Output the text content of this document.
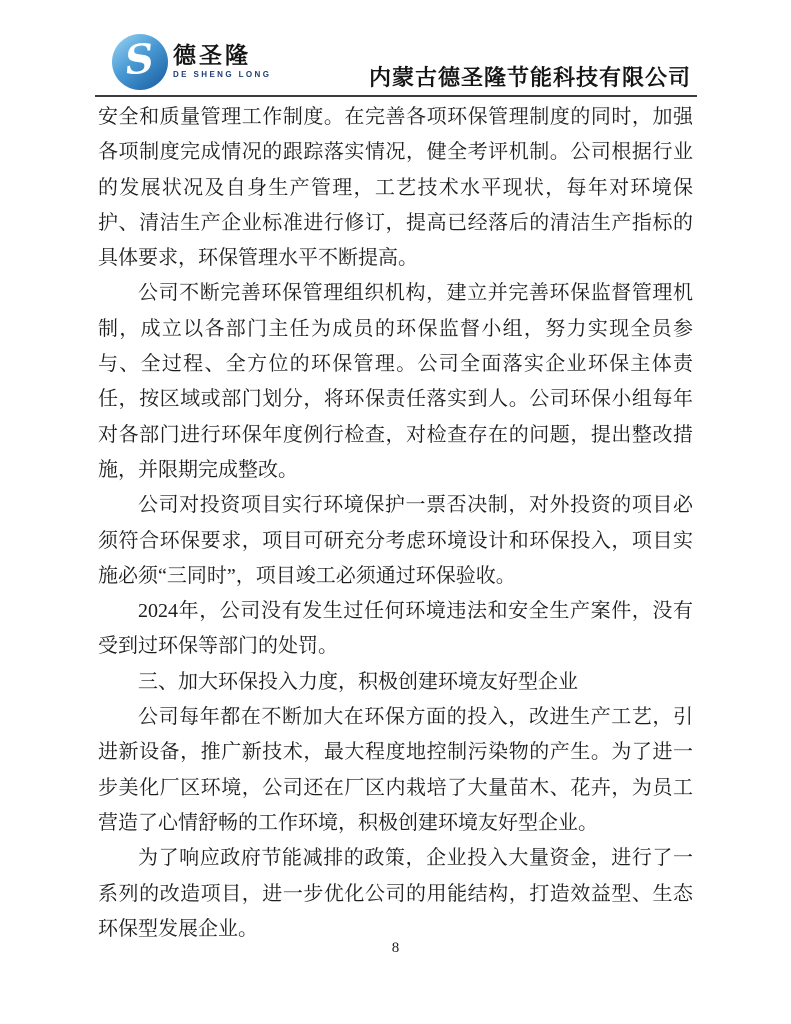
S 德圣隆
DE SHENG LONG	内蒙古德圣隆节能科技有限公司

安全和质量管理工作制度。在完善各项环保管理制度的同时，加强各项制度完成情况的跟踪落实情况，健全考评机制。公司根据行业的发展状况及自身生产管理，工艺技术水平现状，每年对环境保护、清洁生产企业标准进行修订，提高已经落后的清洁生产指标的具体要求，环保管理水平不断提高。

公司不断完善环保管理组织机构，建立并完善环保监督管理机制，成立以各部门主任为成员的环保监督小组，努力实现全员参与、全过程、全方位的环保管理。公司全面落实企业环保主体责任，按区域或部门划分，将环保责任落实到人。公司环保小组每年对各部门进行环保年度例行检查，对检查存在的问题，提出整改措施，并限期完成整改。

公司对投资项目实行环境保护一票否决制，对外投资的项目必须符合环保要求，项目可研充分考虑环境设计和环保投入，项目实施必须“三同时”，项目竣工必须通过环保验收。

2024年，公司没有发生过任何环境违法和安全生产案件，没有受到过环保等部门的处罚。

三、加大环保投入力度，积极创建环境友好型企业

公司每年都在不断加大在环保方面的投入，改进生产工艺，引进新设备，推广新技术，最大程度地控制污染物的产生。为了进一步美化厂区环境，公司还在厂区内栽培了大量苗木、花卉，为员工营造了心情舒畅的工作环境，积极创建环境友好型企业。

为了响应政府节能减排的政策，企业投入大量资金，进行了一系列的改造项目，进一步优化公司的用能结构，打造效益型、生态环保型发展企业。

8
